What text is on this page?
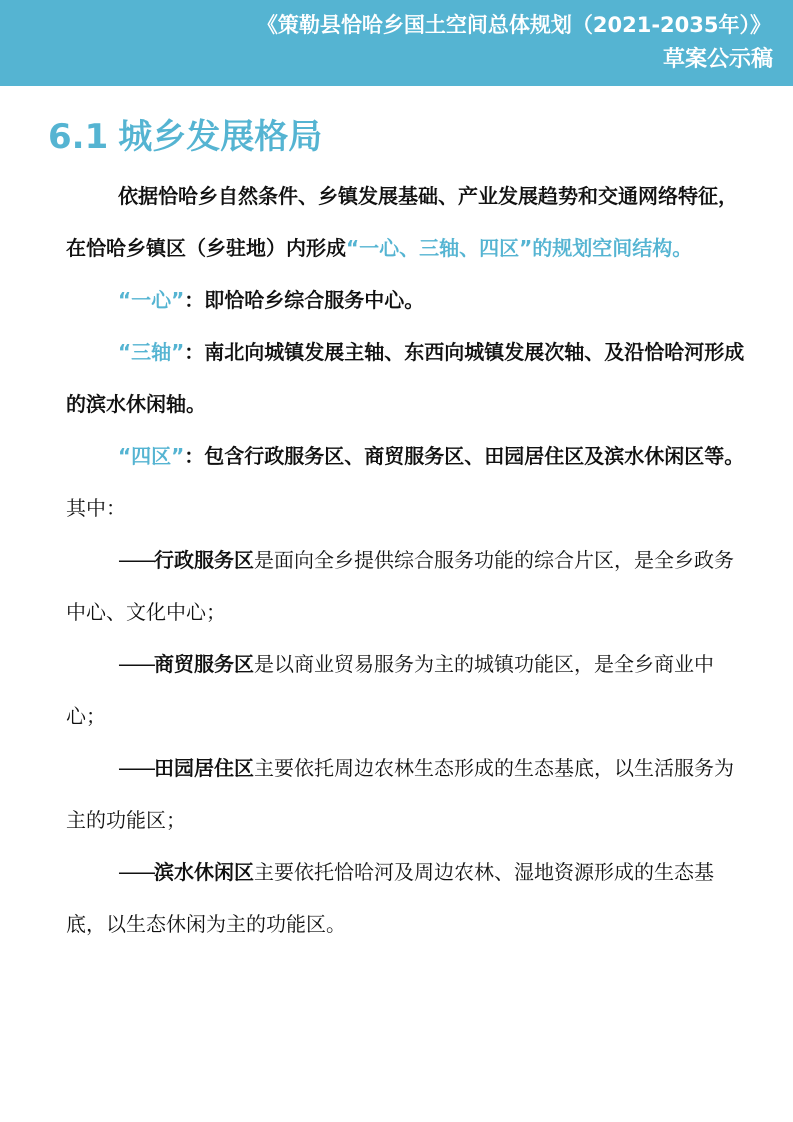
《策勒县恰哈乡国土空间总体规划（2021-2035年）》
草案公示稿
6.1 城乡发展格局

依据恰哈乡自然条件、乡镇发展基础、产业发展趋势和交通网络特征，在恰哈乡镇区（乡驻地）内形成“一心、三轴、四区”的规划空间结构。

“一心”：即恰哈乡综合服务中心。

“三轴”：南北向城镇发展主轴、东西向城镇发展次轴、及沿恰哈河形成的滨水休闲轴。

“四区”：包含行政服务区、商贸服务区、田园居住区及滨水休闲区等。其中：

——行政服务区是面向全乡提供综合服务功能的综合片区，是全乡政务中心、文化中心；

——商贸服务区是以商业贸易服务为主的城镇功能区，是全乡商业中心；

——田园居住区主要依托周边农林生态形成的生态基底，以生活服务为主的功能区；

——滨水休闲区主要依托恰哈河及周边农林、湿地资源形成的生态基底，以生态休闲为主的功能区。
